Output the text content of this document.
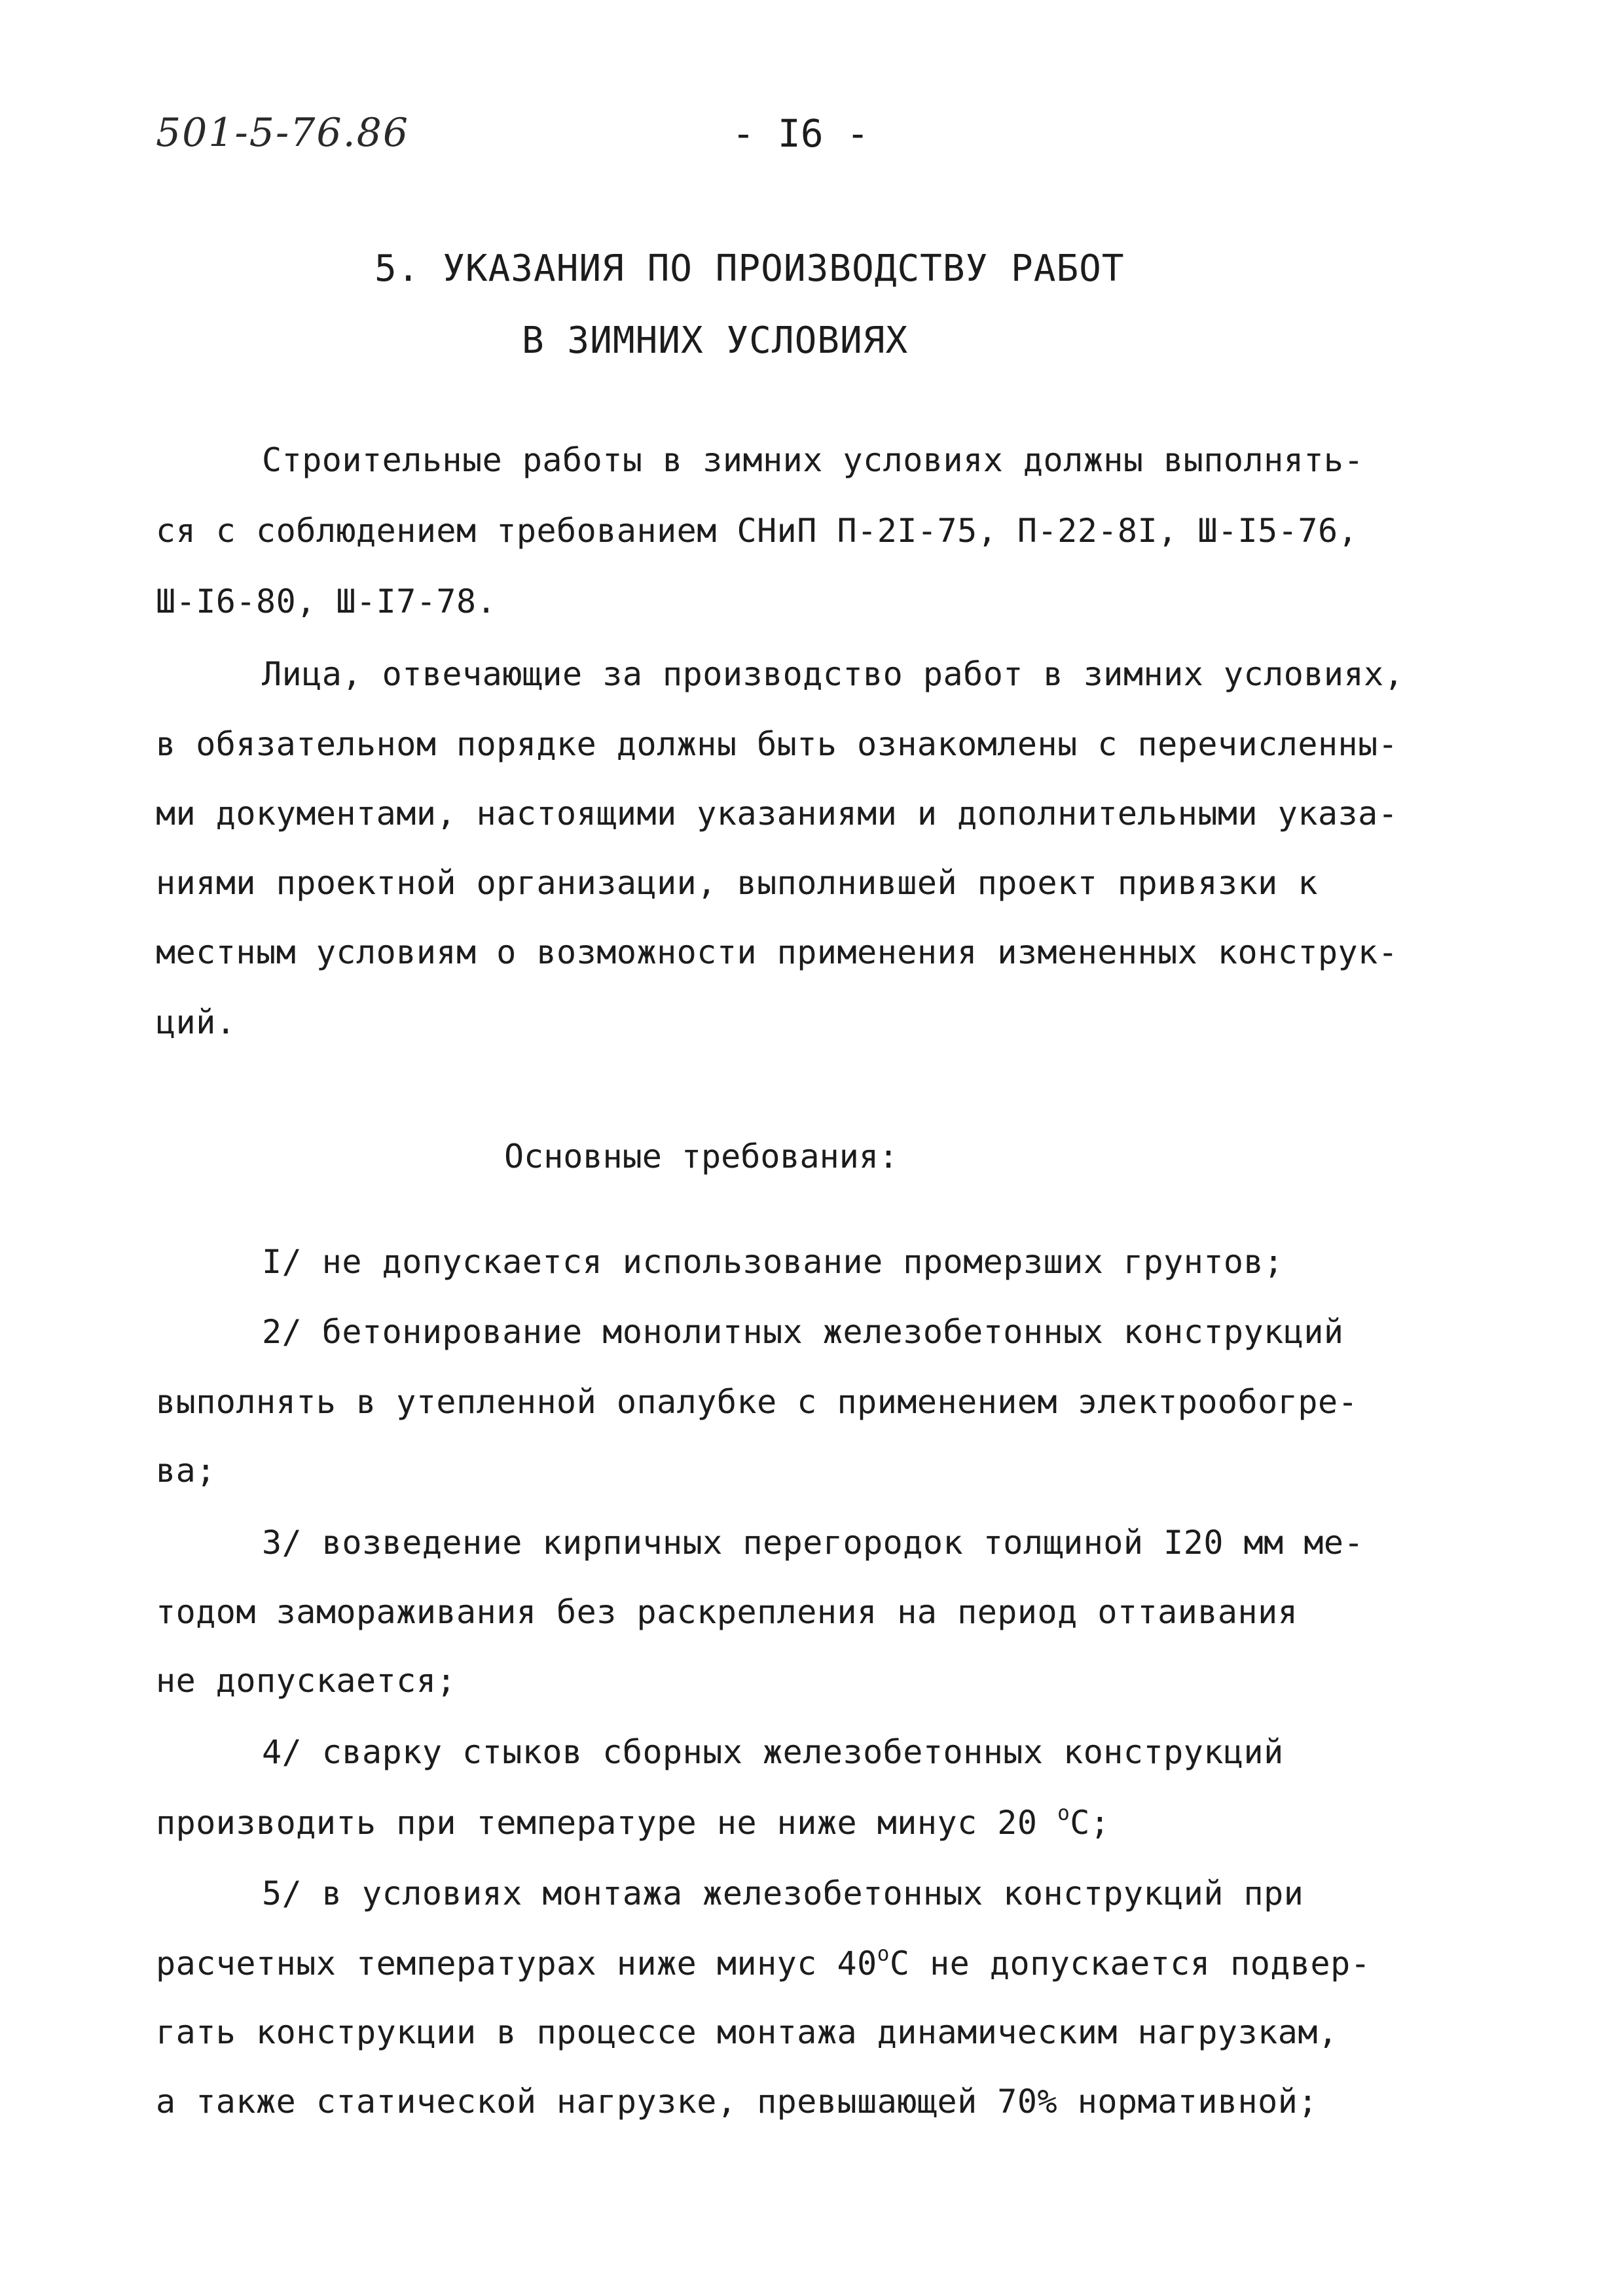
501-5-76.86	- I6 -
5. УКАЗАНИЯ ПО ПРОИЗВОДСТВУ РАБОТ
В ЗИМНИХ УСЛОВИЯХ
Строительные работы в зимних условиях должны выполнять-
ся с соблюдением требованием СНиП П-2I-75, П-22-8I, Ш-I5-76,
Ш-I6-80, Ш-I7-78.
Лица, отвечающие за производство работ в зимних условиях,
в обязательном порядке должны быть ознакомлены с перечисленны-
ми документами, настоящими указаниями и дополнительными указа-
ниями проектной организации, выполнившей проект привязки к
местным условиям о возможности применения измененных конструк-
ций.
Основные требования:
I/ не допускается использование промерзших грунтов;
2/ бетонирование монолитных железобетонных конструкций
выполнять в утепленной опалубке с применением электрообогре-
ва;
3/ возведение кирпичных перегородок толщиной I20 мм ме-
тодом замораживания без раскрепления на период оттаивания
не допускается;
4/ сварку стыков сборных железобетонных конструкций
производить при температуре не ниже минус 20 $^o$С;
5/ в условиях монтажа железобетонных конструкций при
расчетных температурах ниже минус 40$^o$С не допускается подвер-
гать конструкции в процессе монтажа динамическим нагрузкам,
а также статической нагрузке, превышающей 70% нормативной;
